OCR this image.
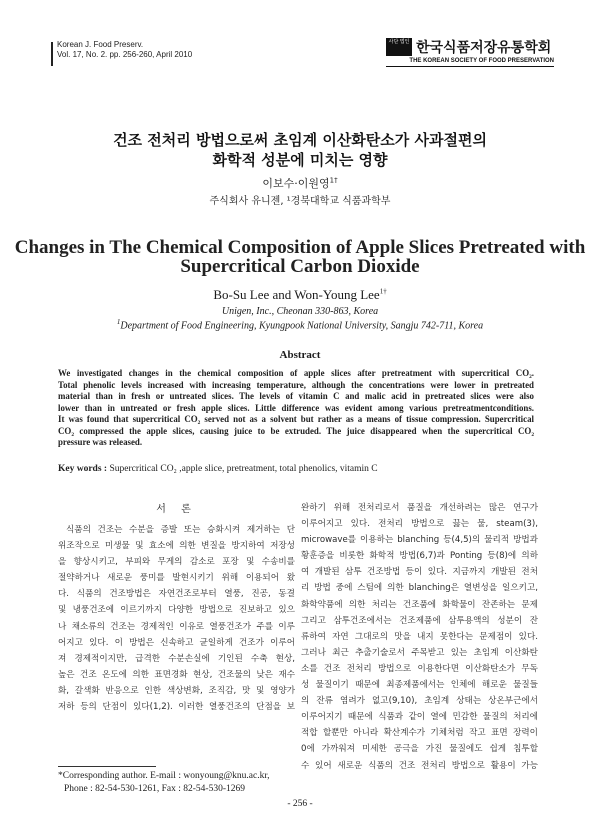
Korean J. Food Preserv.
Vol. 17, No. 2. pp. 256-260, April 2010
사단 법인 한국식품저장유통학회
THE KOREAN SOCIETY OF FOOD PRESERVATION
건조 전처리 방법으로써 초임계 이산화탄소가 사과절편의
화학적 성분에 미치는 영향
이보수·이원영$^{1\dagger}$
주식회사 유니젠, ¹경북대학교 식품과학부
Changes in The Chemical Composition of Apple Slices Pretreated with
Supercritical Carbon Dioxide
Bo-Su Lee and Won-Young Lee$^{1\dagger}$
Unigen, Inc., Cheonan 330-863, Korea
$^1$Department of Food Engineering, Kyungpook National University, Sangju 742-711, Korea
Abstract
We investigated changes in the chemical composition of apple slices after pretreatment with supercritical CO₂.
Total phenolic levels increased with increasing temperature, although the concentrations were lower in pretreated
material than in fresh or untreated slices. The levels of vitamin C and malic acid in pretreated slices were also
lower than in untreated or fresh apple slices. Little difference was evident among various pretreatmentconditions.
It was found that supercritical CO₂ served not as a solvent but rather as a means of tissue compression. Supercritical
CO₂ compressed the apple slices, causing juice to be extruded. The juice disappeared when the supercritical CO₂
pressure was released.
Key words : Supercritical CO₂ ,apple slice, pretreatment, total phenolics, vitamin C
서 론
식품의 건조는 수분을 증발 또는 승화시켜 제거하는 단
위조작으로 미생물 및 효소에 의한 변질을 방지하여 저장성
을 향상시키고, 부피와 무게의 감소로 포장 및 수송비를
절약하거나 새로운 풍미를 발현시키기 위해 이용되어 왔
다. 식품의 건조방법은 자연건조로부터 열풍, 진공, 동결
및 냉풍건조에 이르기까지 다양한 방법으로 진보하고 있으
나 채소류의 건조는 경제적인 이유로 열풍건조가 주를 이루
어지고 있다. 이 방법은 신속하고 균일하게 건조가 이루어
져 경제적이지만, 급격한 수분손실에 기인된 수축 현상,
높은 건조 온도에 의한 표면경화 현상, 건조물의 낮은 재수
화, 갈색화 반응으로 인한 색상변화, 조직감, 맛 및 영양가
저하 등의 단점이 있다(1,2). 이러한 열풍건조의 단점을 보
완하기 위해 전처리로서 품질을 개선하려는 많은 연구가
이루어지고 있다. 전처리 방법으로 끓는 물, steam(3),
microwave를 이용하는 blanching 등(4,5)의 물리적 방법과
황훈증을 비롯한 화학적 방법(6,7)과 Ponting 등(8)에 의하
여 개발된 삼투 건조방법 등이 있다. 지금까지 개발된 전처
리 방법 중에 스팀에 의한 blanching은 열변성을 일으키고,
화학약품에 의한 처리는 건조품에 화학물이 잔존하는 문제
그리고 삼투건조에서는 건조제품에 삼투용액의 성분이 잔
류하여 자연 그대로의 맛을 내지 못한다는 문제점이 있다.
그러나 최근 추출기술로서 주목받고 있는 초임계 이산화탄
소를 건조 전처리 방법으로 이용한다면 이산화탄소가 무독
성 물질이기 때문에 최종제품에서는 인체에 해로운 물질들
의 잔류 염려가 없고(9,10), 초임계 상태는 상온부근에서
이루어지기 때문에 식품과 같이 열에 민감한 물질의 처리에
적합 할뿐만 아니라 확산계수가 기체처럼 작고 표면 장력이
0에 가까워져 미세한 공극을 가진 물질에도 쉽게 침투할
수 있어 새로운 식품의 건조 전처리 방법으로 활용이 가능
*Corresponding author. E-mail : wonyoung@knu.ac.kr,
Phone : 82-54-530-1261, Fax : 82-54-530-1269
- 256 -
